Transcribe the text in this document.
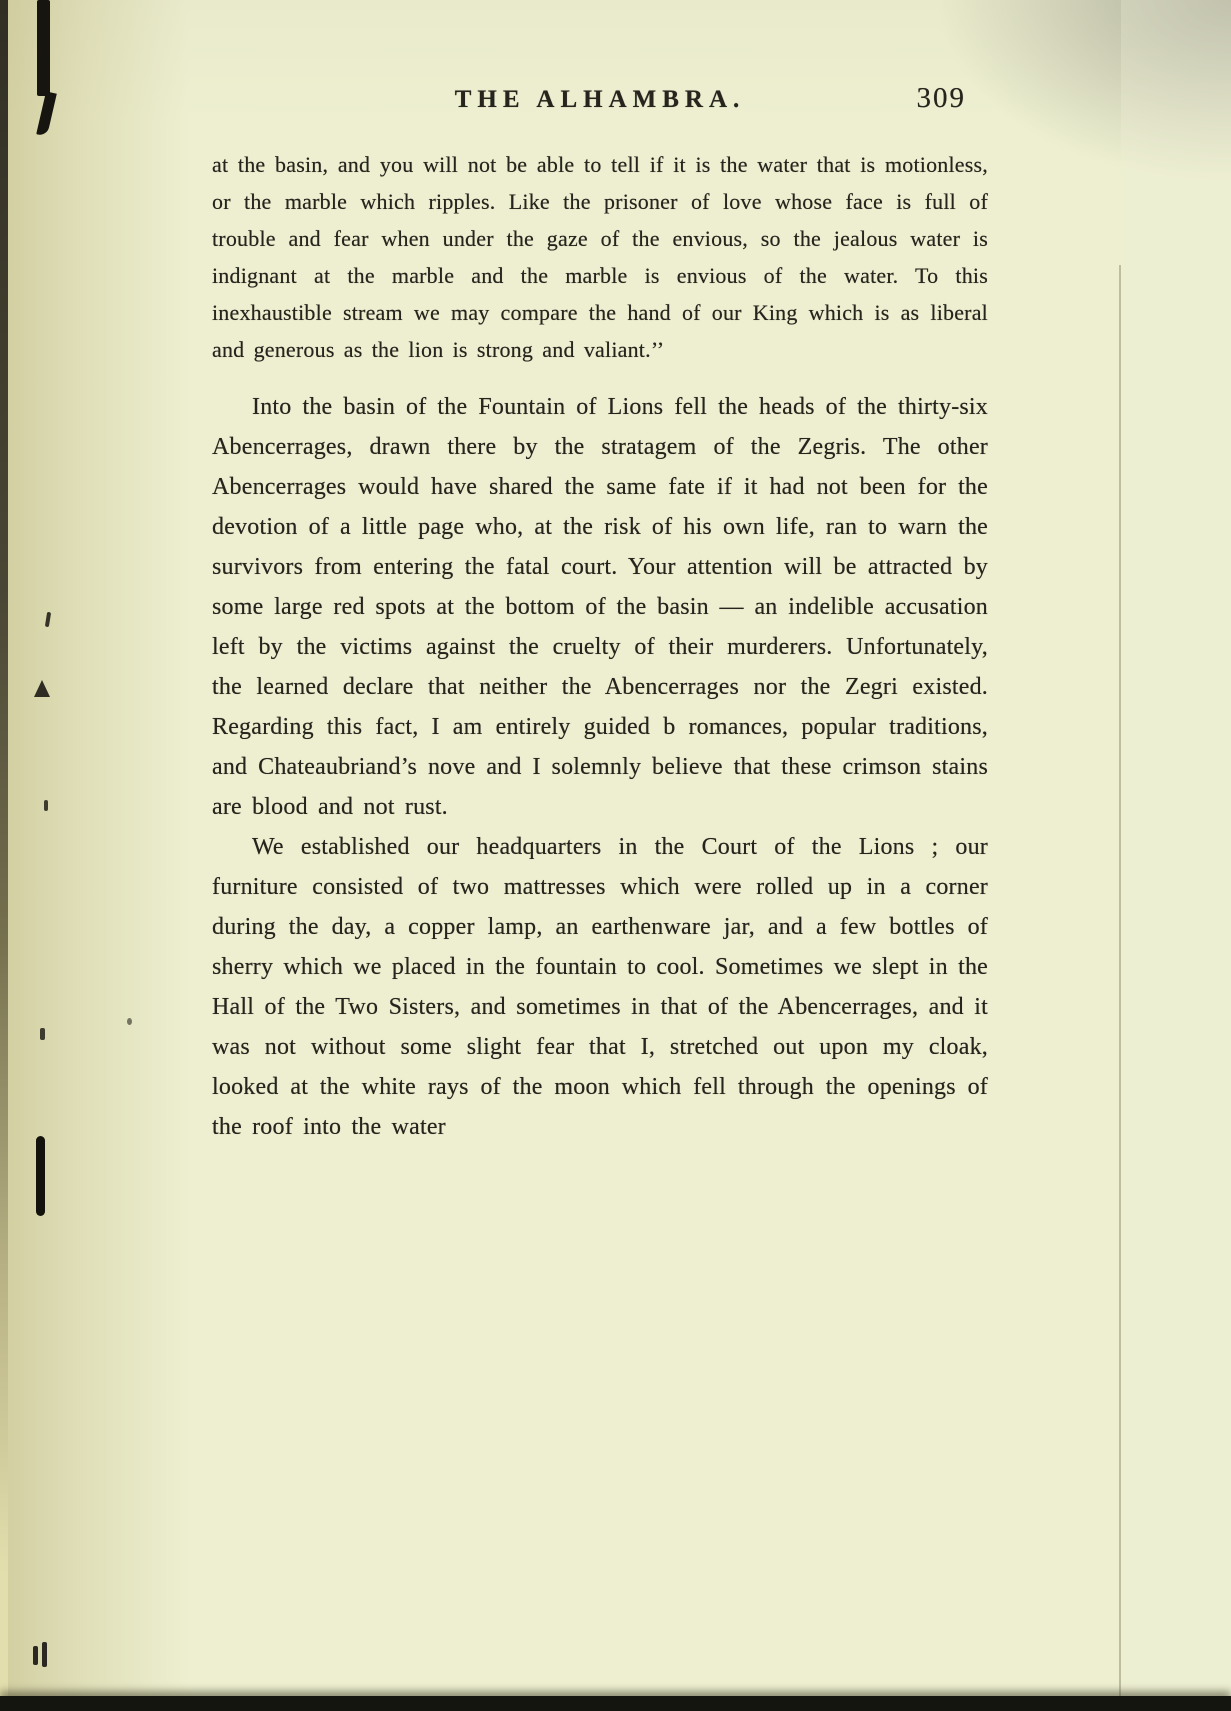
THE ALHAMBRA.	309

at the basin, and you will not be able to tell if it is the water that is motionless, or the marble which ripples. Like the prisoner of love whose face is full of trouble and fear when under the gaze of the envious, so the jealous water is indignant at the marble and the marble is envious of the water. To this inexhaustible stream we may compare the hand of our King which is as liberal and generous as the lion is strong and valiant.’’

Into the basin of the Fountain of Lions fell the heads of the thirty-six Abencerrages, drawn there by the stratagem of the Zegris. The other Abencerrages would have shared the same fate if it had not been for the devotion of a little page who, at the risk of his own life, ran to warn the survivors from entering the fatal court. Your attention will be attracted by some large red spots at the bottom of the basin — an indelible accusation left by the victims against the cruelty of their murderers. Unfortunately, the learned declare that neither the Abencerrages nor the Zegri existed. Regarding this fact, I am entirely guided b romances, popular traditions, and Chateaubriand’s nove and I solemnly believe that these crimson stains are blood and not rust.

We established our headquarters in the Court of the Lions ; our furniture consisted of two mattresses which were rolled up in a corner during the day, a copper lamp, an earthenware jar, and a few bottles of sherry which we placed in the fountain to cool. Sometimes we slept in the Hall of the Two Sisters, and sometimes in that of the Abencerrages, and it was not without some slight fear that I, stretched out upon my cloak, looked at the white rays of the moon which fell through the openings of the roof into the water
